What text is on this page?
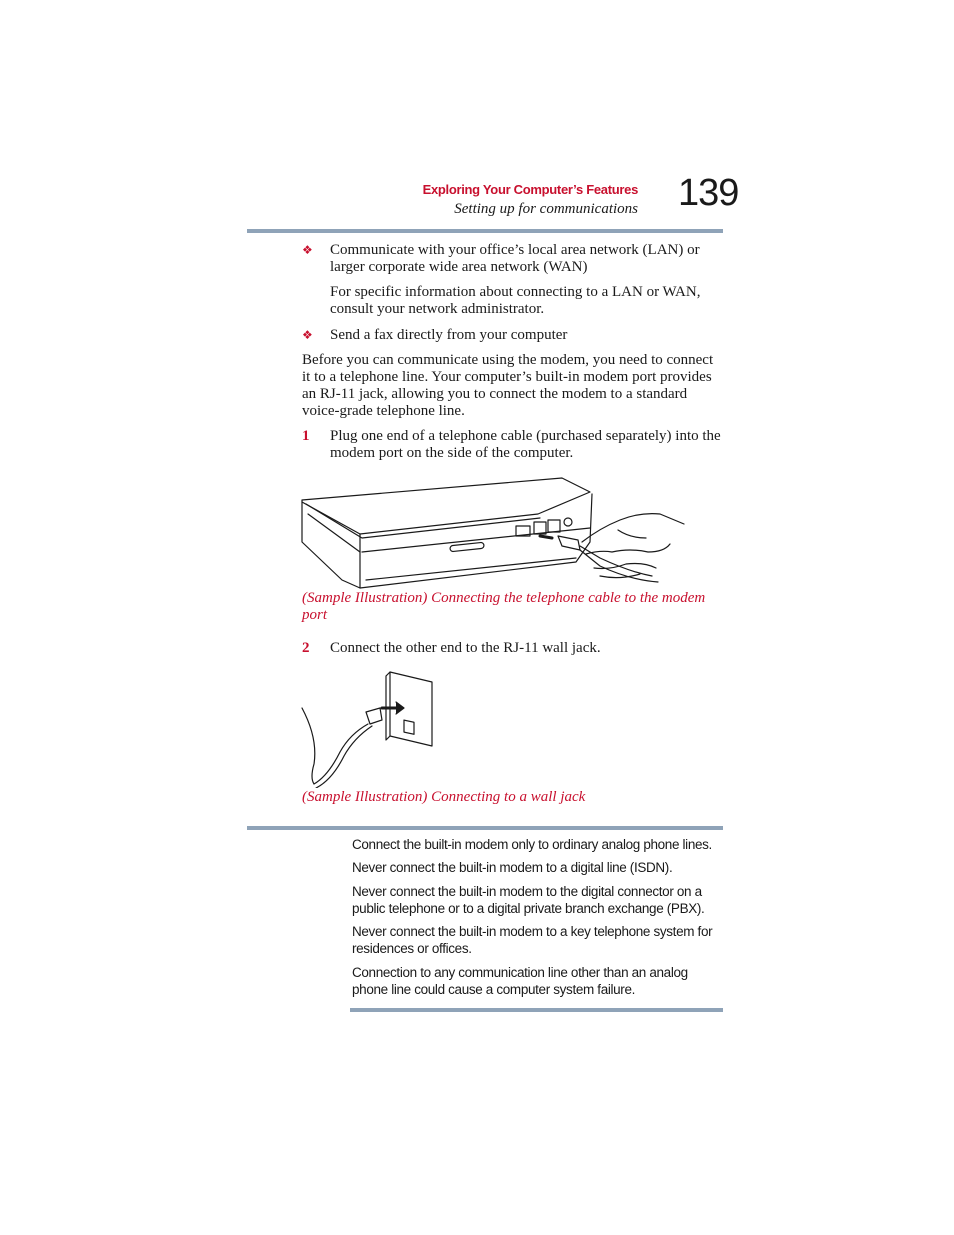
Exploring Your Computer’s Features
Setting up for communications 139
❖ Communicate with your office’s local area network (LAN) or larger corporate wide area network (WAN)
For specific information about connecting to a LAN or WAN, consult your network administrator.
❖ Send a fax directly from your computer
Before you can communicate using the modem, you need to connect it to a telephone line. Your computer’s built-in modem port provides an RJ-11 jack, allowing you to connect the modem to a standard voice-grade telephone line.
1 Plug one end of a telephone cable (purchased separately) into the modem port on the side of the computer.
(Sample Illustration) Connecting the telephone cable to the modem port
2 Connect the other end to the RJ-11 wall jack.
(Sample Illustration) Connecting to a wall jack
Connect the built-in modem only to ordinary analog phone lines.
Never connect the built-in modem to a digital line (ISDN).
Never connect the built-in modem to the digital connector on a public telephone or to a digital private branch exchange (PBX).
Never connect the built-in modem to a key telephone system for residences or offices.
Connection to any communication line other than an analog phone line could cause a computer system failure.
